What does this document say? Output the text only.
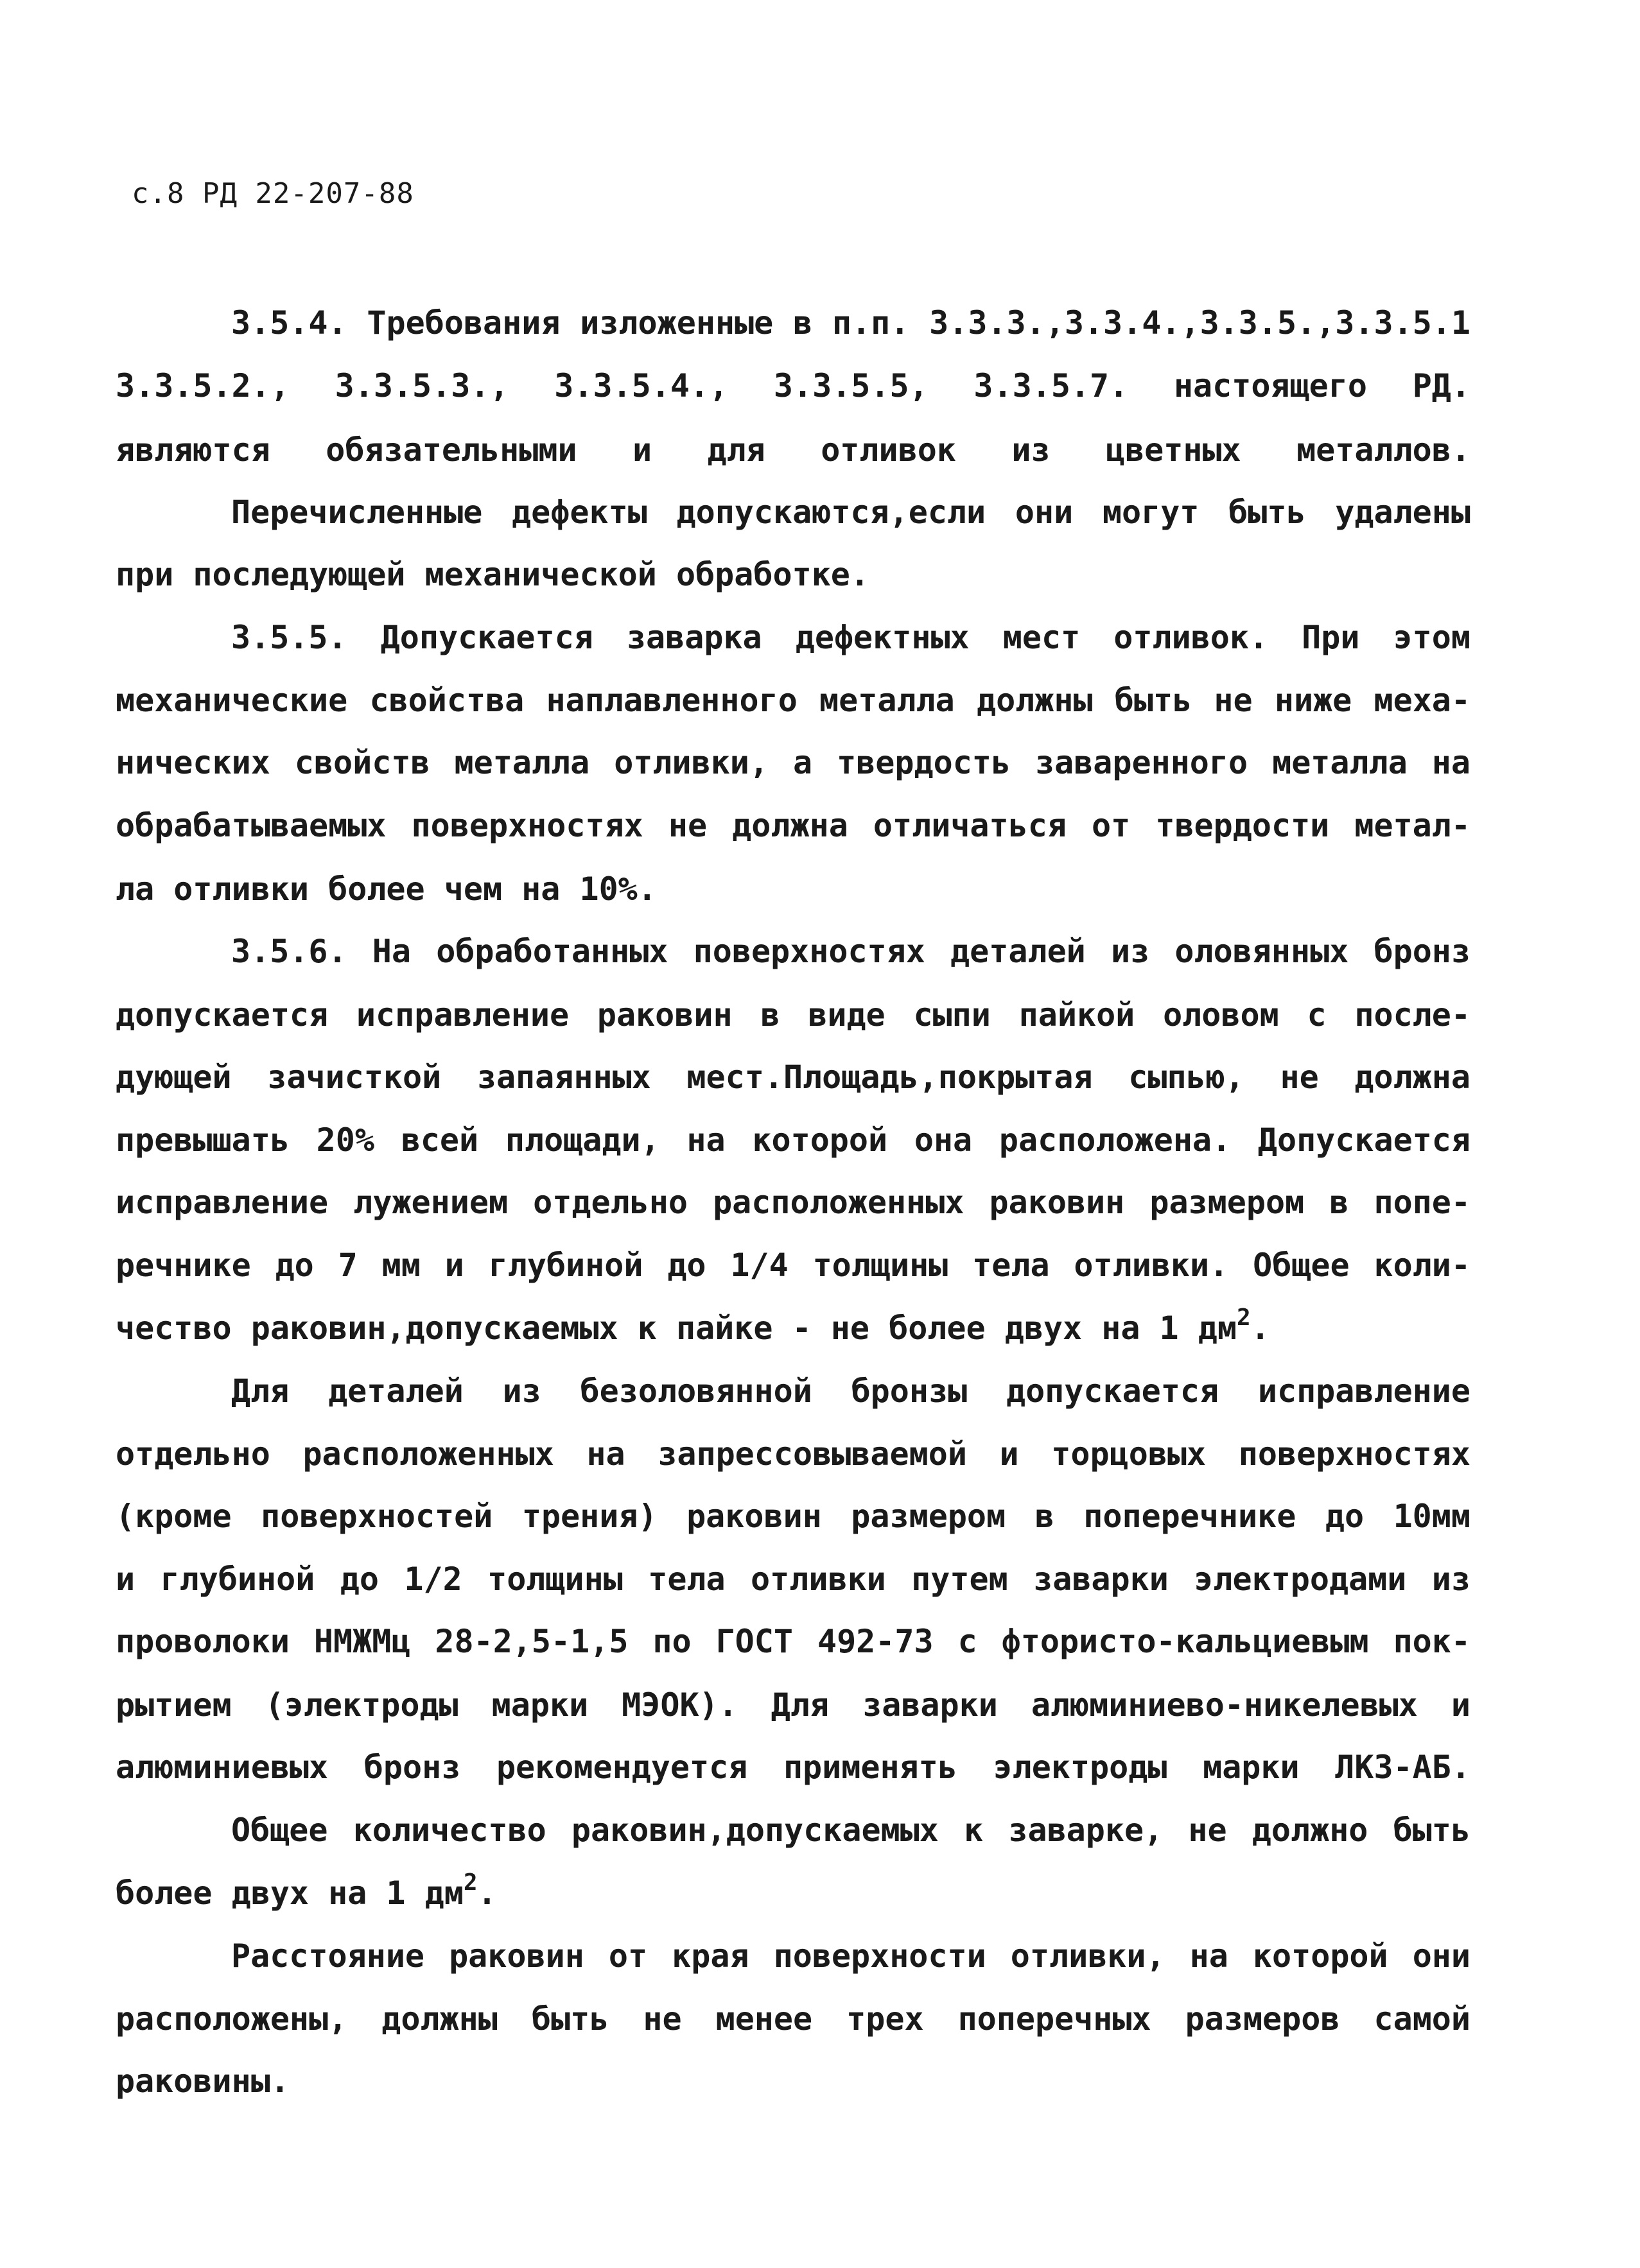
с.8 РД 22-207-88
3.5.4. Требования изложенные в п.п. 3.3.3.,3.3.4.,3.3.5.,3.3.5.1
3.3.5.2., 3.3.5.3., 3.3.5.4., 3.3.5.5, 3.3.5.7. настоящего РД.
являются обязательными и для отливок из цветных металлов.
Перечисленные дефекты допускаются,если они могут быть удалены
при последующей механической обработке.
3.5.5. Допускается заварка дефектных мест отливок. При этом
механические свойства наплавленного металла должны быть не ниже меха-
нических свойств металла отливки, а твердость заваренного металла на
обрабатываемых поверхностях не должна отличаться от твердости метал-
ла отливки более чем на 10%.
3.5.6. На обработанных поверхностях деталей из оловянных бронз
допускается исправление раковин в виде сыпи пайкой оловом с после-
дующей зачисткой запаянных мест.Площадь,покрытая сыпью, не должна
превышать 20% всей площади, на которой она расположена. Допускается
исправление лужением отдельно расположенных раковин размером в попе-
речнике до 7 мм и глубиной до 1/4 толщины тела отливки. Общее коли-
чество раковин,допускаемых к пайке - не более двух на 1 $дм^2$.
Для деталей из безоловянной бронзы допускается исправление
отдельно расположенных на запрессовываемой и торцовых поверхностях
(кроме поверхностей трения) раковин размером в поперечнике до 10мм
и глубиной до 1/2 толщины тела отливки путем заварки электродами из
проволоки НМЖМц 28-2,5-1,5 по ГОСТ 492-73 с фтористо-кальциевым пок-
рытием (электроды марки МЭОК). Для заварки алюминиево-никелевых и
алюминиевых бронз рекомендуется применять электроды марки ЛКЗ-АБ.
Общее количество раковин,допускаемых к заварке, не должно быть
более двух на 1 $дм^2$.
Расстояние раковин от края поверхности отливки, на которой они
расположены, должны быть не менее трех поперечных размеров самой
раковины.
